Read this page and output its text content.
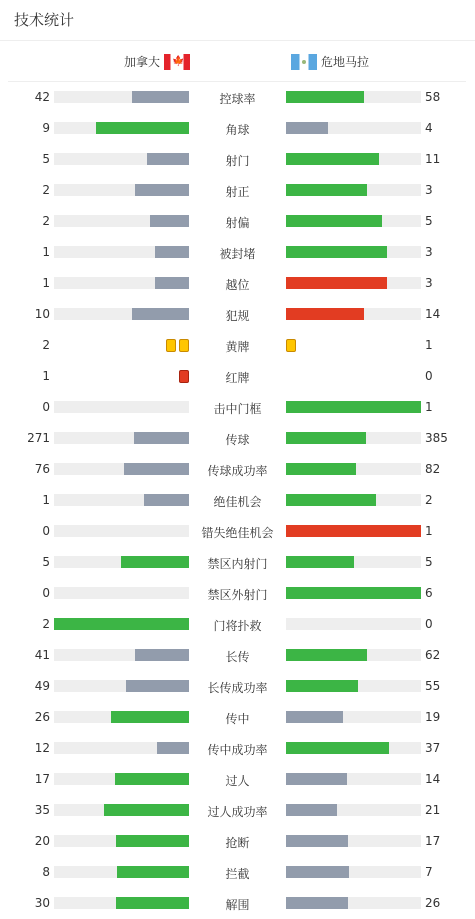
技术统计
加拿大 🍁	危地马拉
42	控球率	58
9	角球	4
5	射门	11
2	射正	3
2	射偏	5
1	被封堵	3
1	越位	3
10	犯规	14
2	黄牌	1
1	红牌	0
0	击中门框	1
271	传球	385
76	传球成功率	82
1	绝佳机会	2
0	错失绝佳机会	1
5	禁区内射门	5
0	禁区外射门	6
2	门将扑救	0
41	长传	62
49	长传成功率	55
26	传中	19
12	传中成功率	37
17	过人	14
35	过人成功率	21
20	抢断	17
8	拦截	7
30	解围	26
